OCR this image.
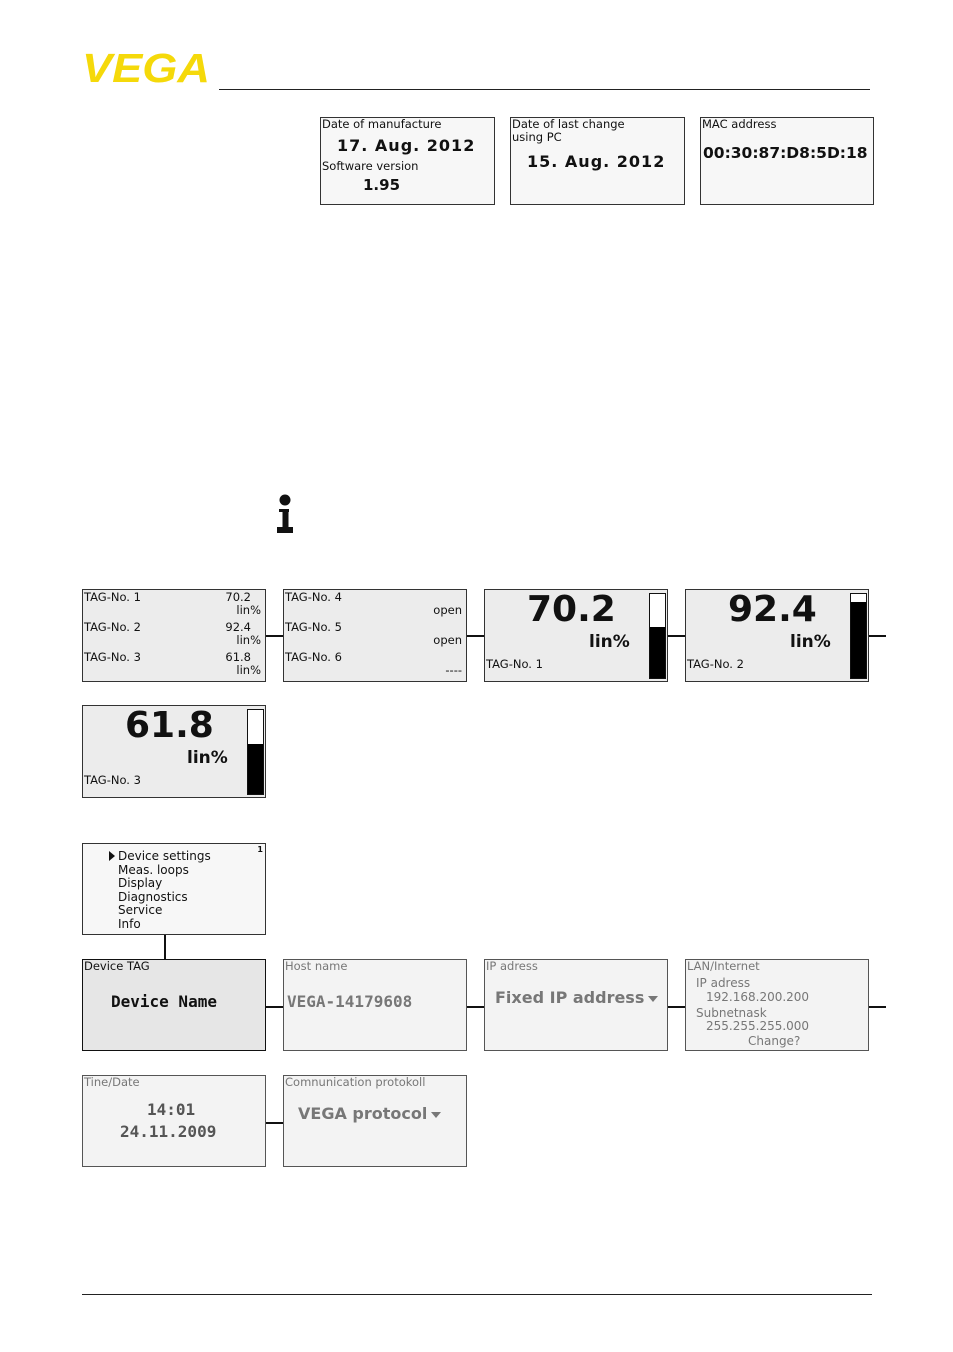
VEGA
Date of manufacture
17. Aug. 2012
Software version
1.95
Date of last change
using PC
15. Aug. 2012
MAC address
00:30:87:D8:5D:18
TAG-No. 1	70.2
lin%
TAG-No. 2	92.4
lin%
TAG-No. 3	61.8
lin%
TAG-No. 4
open
TAG-No. 5
open
TAG-No. 6
----
70.2
lin%
TAG-No. 1
92.4
lin%
TAG-No. 2
61.8
lin%
TAG-No. 3
1
Device settings
Meas. loops
Display
Diagnostics
Service
Info
Device TAG
Device Name
Host name
VEGA-14179608
IP adress
Fixed IP address
LAN/Internet
IP adress
192.168.200.200
Subnetnask
255.255.255.000
Change?
Tine/Date
14:01
24.11.2009
Comnunication protokoll
VEGA protocol
